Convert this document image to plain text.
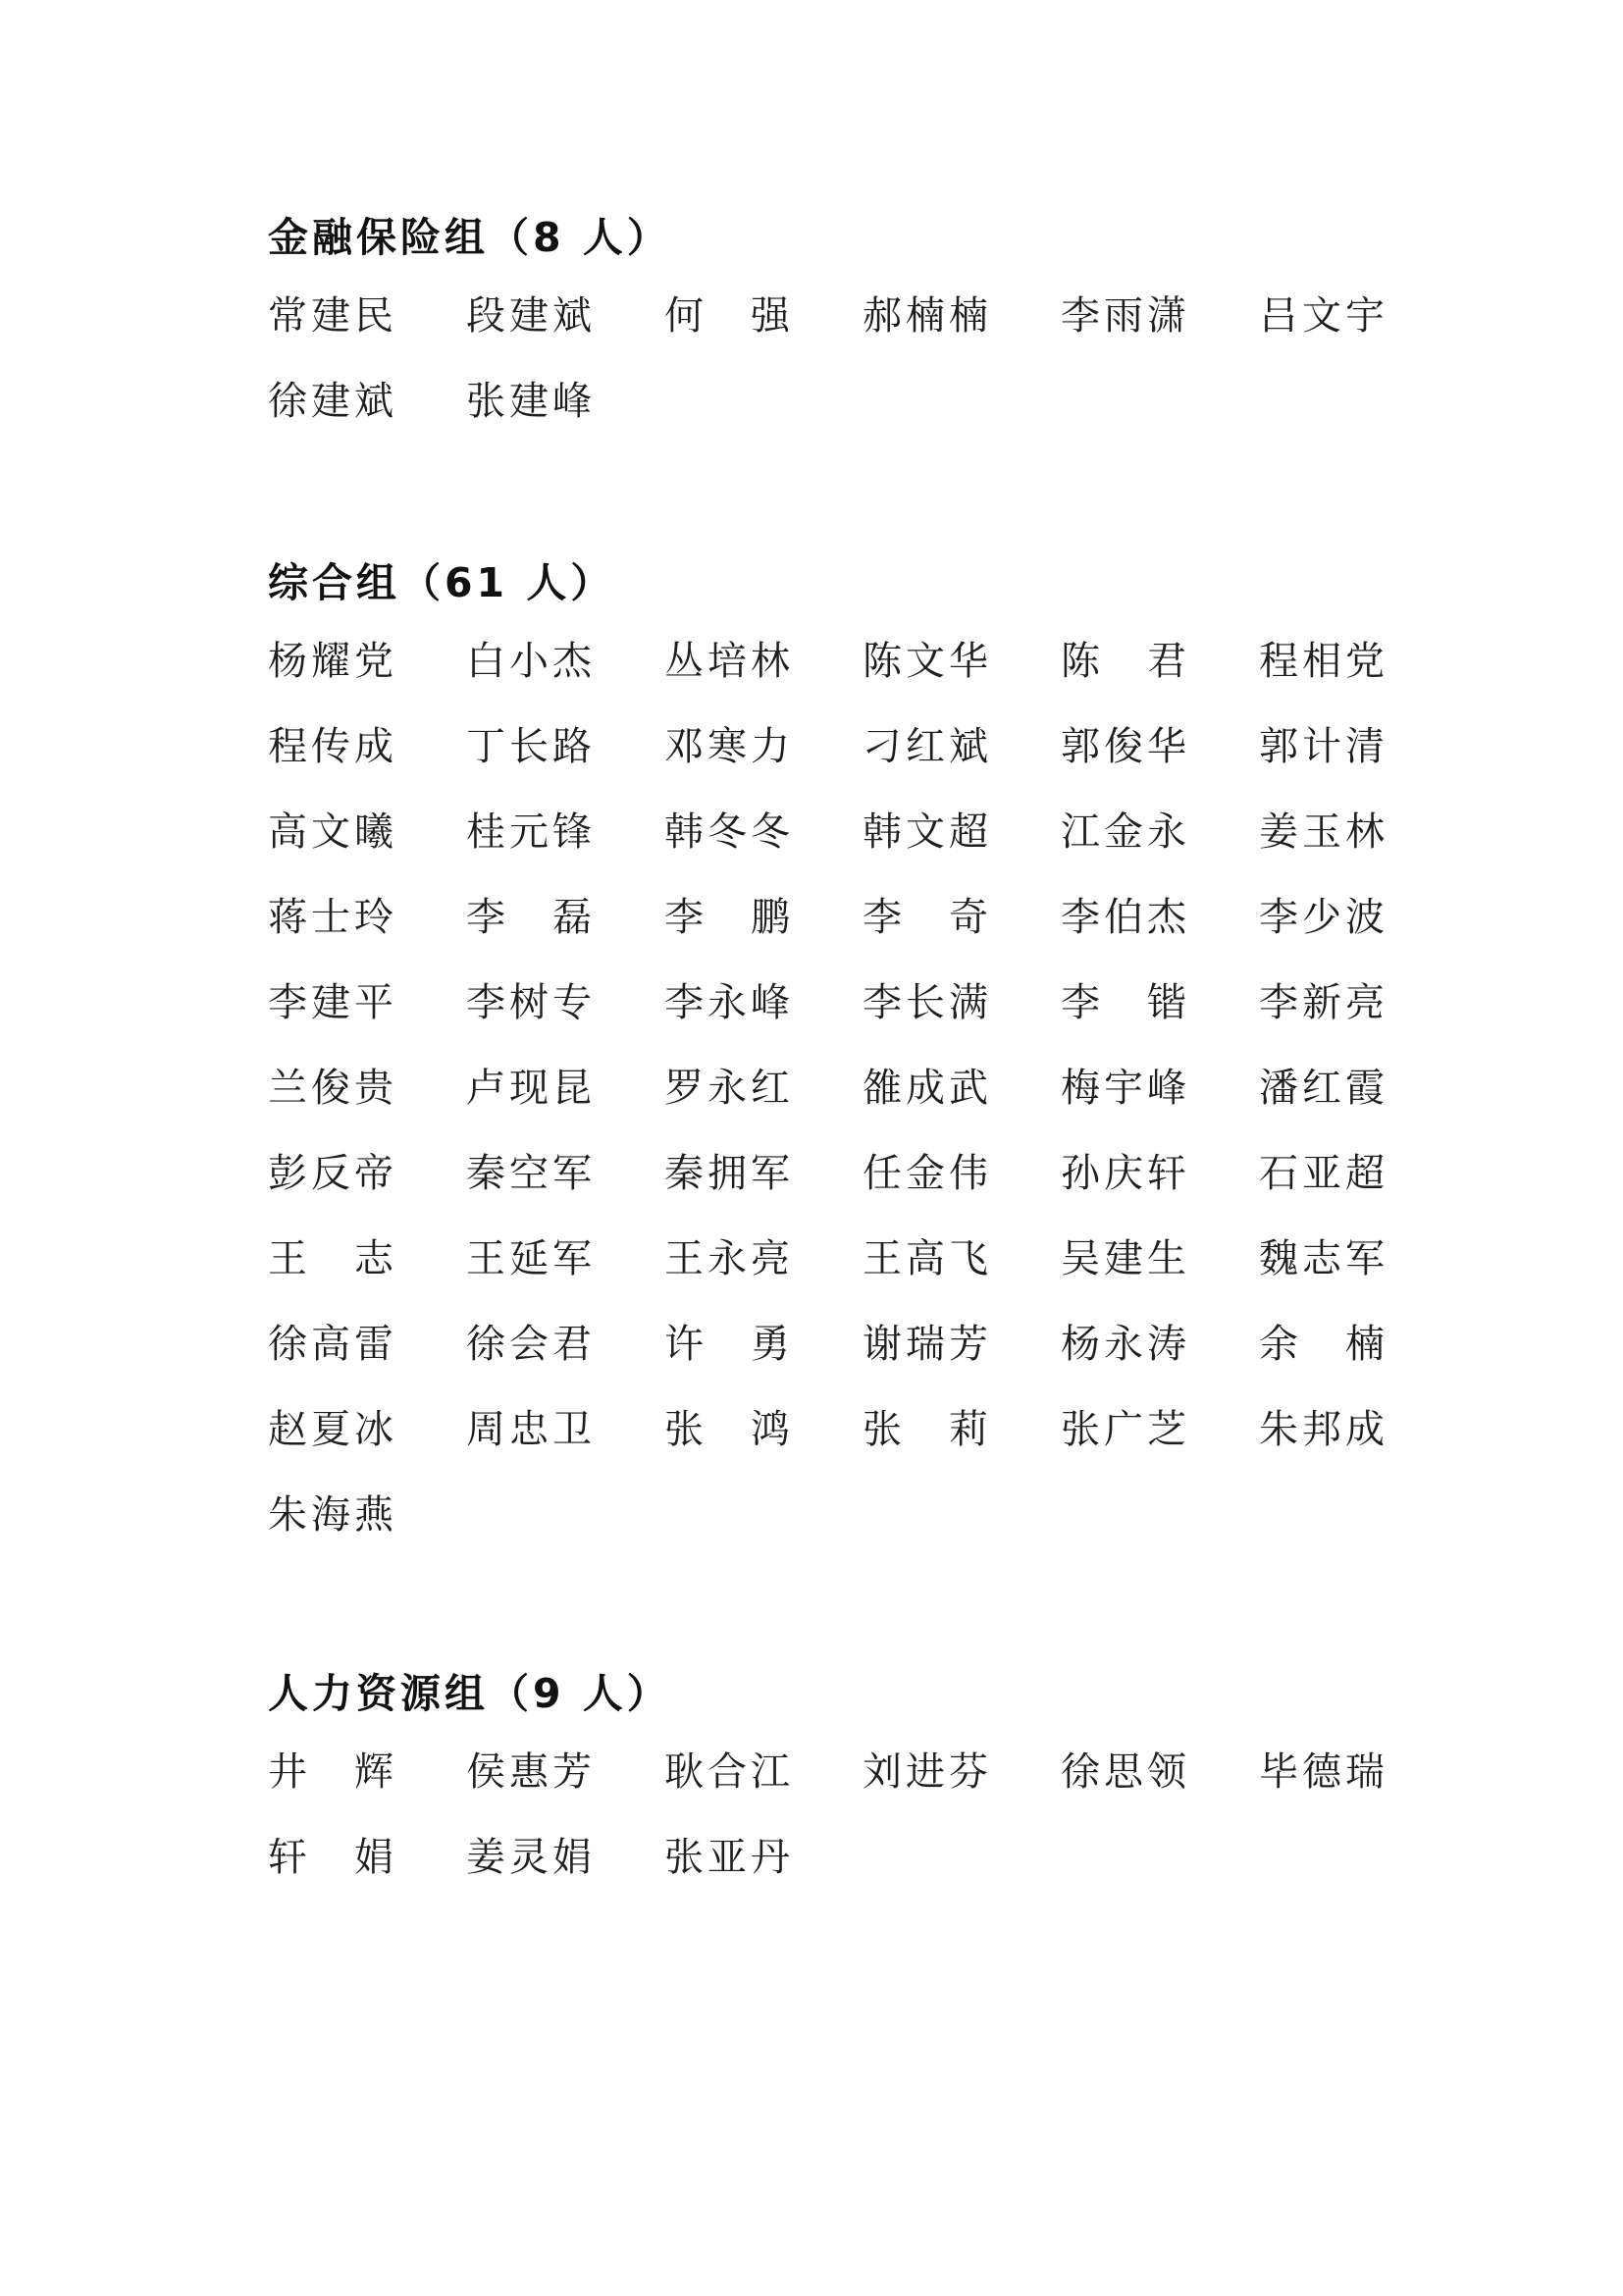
金融保险组（8 人）
常建民 段建斌 何　强 郝楠楠 李雨潇 吕文宇
徐建斌 张建峰
综合组（61 人）
杨耀党 白小杰 丛培林 陈文华 陈　君 程相党
程传成 丁长路 邓寒力 刁红斌 郭俊华 郭计清
高文曦 桂元锋 韩冬冬 韩文超 江金永 姜玉林
蒋士玲 李　磊 李　鹏 李　奇 李伯杰 李少波
李建平 李树专 李永峰 李长满 李　锴 李新亮
兰俊贵 卢现昆 罗永红 雒成武 梅宇峰 潘红霞
彭反帝 秦空军 秦拥军 任金伟 孙庆轩 石亚超
王　志 王延军 王永亮 王高飞 吴建生 魏志军
徐高雷 徐会君 许　勇 谢瑞芳 杨永涛 余　楠
赵夏冰 周忠卫 张　鸿 张　莉 张广芝 朱邦成
朱海燕
人力资源组（9 人）
井　辉 侯惠芳 耿合江 刘进芬 徐思领 毕德瑞
轩　娟 姜灵娟 张亚丹
